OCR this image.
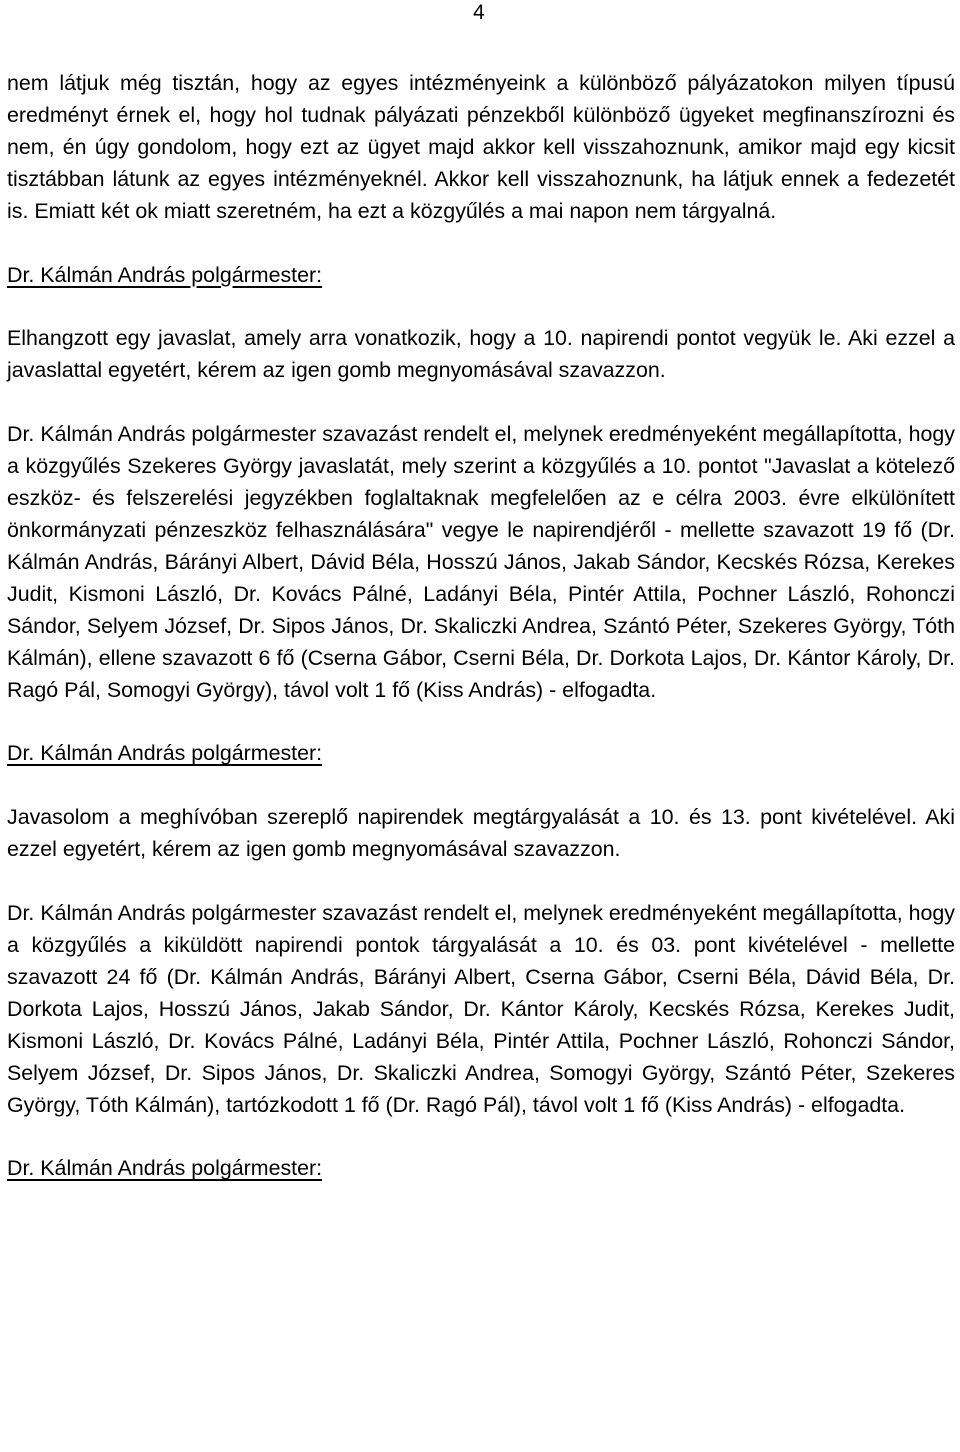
4

nem látjuk még tisztán, hogy az egyes intézményeink a különböző pályázatokon milyen típusú eredményt érnek el, hogy hol tudnak pályázati pénzekből különböző ügyeket megfinanszírozni és nem, én úgy gondolom, hogy ezt az ügyet majd akkor kell visszahoznunk, amikor majd egy kicsit tisztábban látunk az egyes intézményeknél. Akkor kell visszahoznunk, ha látjuk ennek a fedezetét is. Emiatt két ok miatt szeretném, ha ezt a közgyűlés a mai napon nem tárgyalná.

Dr. Kálmán András polgármester:

Elhangzott egy javaslat, amely arra vonatkozik, hogy a 10. napirendi pontot vegyük le. Aki ezzel a javaslattal egyetért, kérem az igen gomb megnyomásával szavazzon.

Dr. Kálmán András polgármester szavazást rendelt el, melynek eredményeként megállapította, hogy a közgyűlés Szekeres György javaslatát, mely szerint a közgyűlés a 10. pontot "Javaslat a kötelező eszköz- és felszerelési jegyzékben foglaltaknak megfelelően az e célra 2003. évre elkülönített önkormányzati pénzeszköz felhasználására" vegye le napirendjéről - mellette szavazott 19 fő (Dr. Kálmán András, Bárányi Albert, Dávid Béla, Hosszú János, Jakab Sándor, Kecskés Rózsa, Kerekes Judit, Kismoni László, Dr. Kovács Pálné, Ladányi Béla, Pintér Attila, Pochner László, Rohonczi Sándor, Selyem József, Dr. Sipos János, Dr. Skaliczki Andrea, Szántó Péter, Szekeres György, Tóth Kálmán), ellene szavazott 6 fő (Cserna Gábor, Cserni Béla, Dr. Dorkota Lajos, Dr. Kántor Károly, Dr. Ragó Pál, Somogyi György), távol volt 1 fő (Kiss András) - elfogadta.

Dr. Kálmán András polgármester:

Javasolom a meghívóban szereplő napirendek megtárgyalását a 10. és 13. pont kivételével. Aki ezzel egyetért, kérem az igen gomb megnyomásával szavazzon.

Dr. Kálmán András polgármester szavazást rendelt el, melynek eredményeként megállapította, hogy a közgyűlés a kiküldött napirendi pontok tárgyalását a 10. és 03. pont kivételével - mellette szavazott 24 fő (Dr. Kálmán András, Bárányi Albert, Cserna Gábor, Cserni Béla, Dávid Béla, Dr. Dorkota Lajos, Hosszú János, Jakab Sándor, Dr. Kántor Károly, Kecskés Rózsa, Kerekes Judit, Kismoni László, Dr. Kovács Pálné, Ladányi Béla, Pintér Attila, Pochner László, Rohonczi Sándor, Selyem József, Dr. Sipos János, Dr. Skaliczki Andrea, Somogyi György, Szántó Péter, Szekeres György, Tóth Kálmán), tartózkodott 1 fő (Dr. Ragó Pál), távol volt 1 fő (Kiss András) - elfogadta.

Dr. Kálmán András polgármester:
